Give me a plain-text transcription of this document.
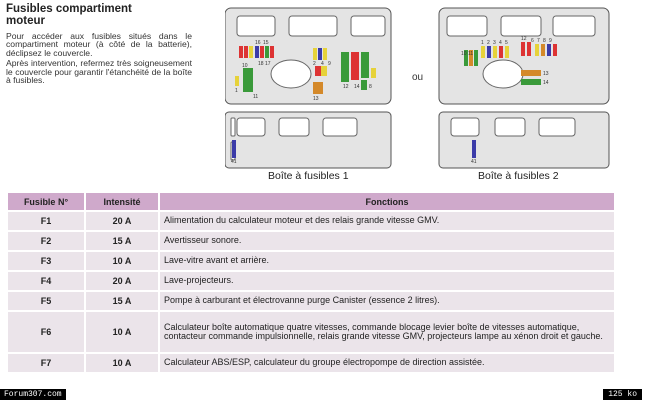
Fusibles compartiment
moteur

Pour accéder aux fusibles situés dans le compartiment moteur (à côté de la batterie), déclipsez le couvercle.

Après intervention, refermez très soigneusement le couvercle pour garantir l'étanchéité de la boîte à fusibles.

16 15
10 18 17	2 4 9
1
11
12
13
14 8
41
10 11
1 2 3 4 5
12 6 7 8 9
13
14
41
ou
Boîte à fusibles 1	Boîte à fusibles 2
Fusible N°	Intensité	Fonctions
F1	20 A	Alimentation du calculateur moteur et des relais grande vitesse GMV.
F2	15 A	Avertisseur sonore.
F3	10 A	Lave-vitre avant et arrière.
F4	20 A	Lave-projecteurs.
F5	15 A	Pompe à carburant et électrovanne purge Canister (essence 2 litres).
F6	10 A	Calculateur boîte automatique quatre vitesses, commande blocage levier boîte de vitesses automatique, contacteur commande impulsionnelle, relais grande vitesse GMV, projecteurs lampe au xénon droit et gauche.
F7	10 A	Calculateur ABS/ESP, calculateur du groupe électropompe de direction assistée.
Forum307.com	125 ko
